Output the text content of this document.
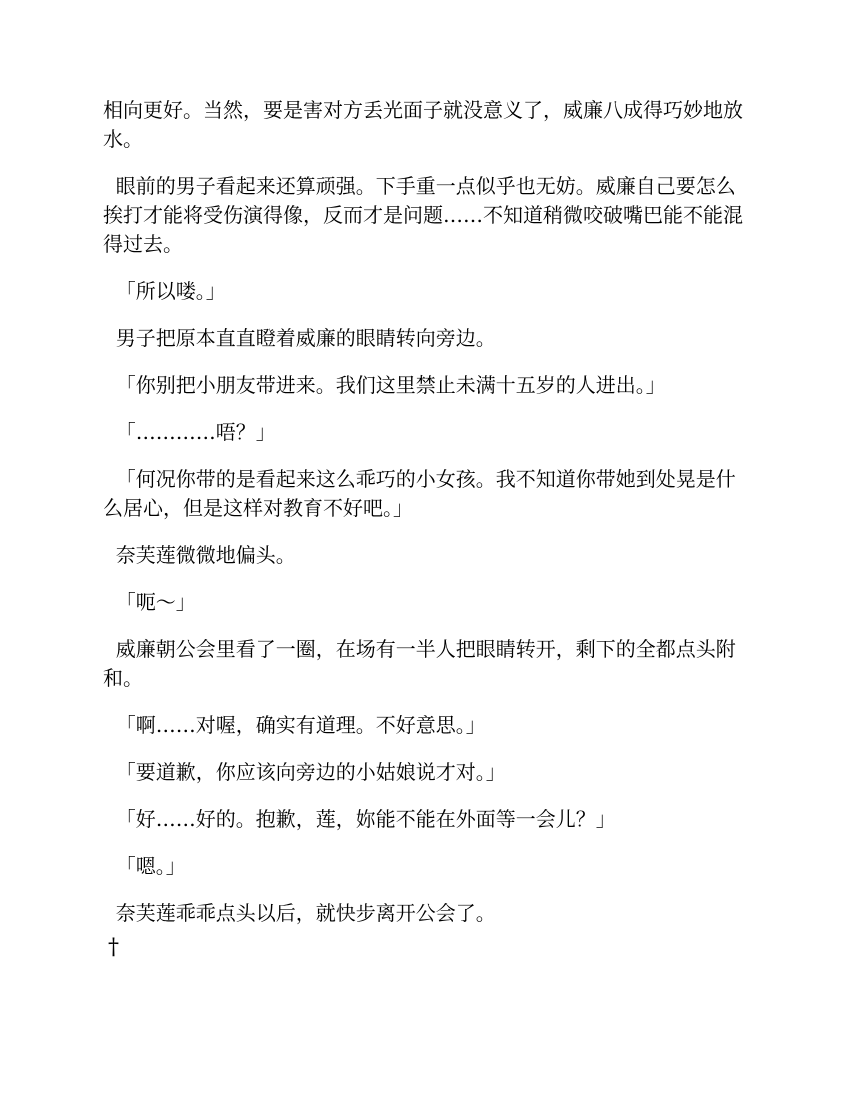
相向更好。当然，要是害对方丢光面子就没意义了，威廉八成得巧妙地放水。

眼前的男子看起来还算顽强。下手重一点似乎也无妨。威廉自己要怎么挨打才能将受伤演得像，反而才是问题……不知道稍微咬破嘴巴能不能混得过去。

「所以喽。」

男子把原本直直瞪着威廉的眼睛转向旁边。

「你别把小朋友带进来。我们这里禁止未满十五岁的人进出。」

「…………唔？」

「何况你带的是看起来这么乖巧的小女孩。我不知道你带她到处晃是什么居心，但是这样对教育不好吧。」

奈芙莲微微地偏头。

「呃～」

威廉朝公会里看了一圈，在场有一半人把眼睛转开，剩下的全都点头附和。

「啊……对喔，确实有道理。不好意思。」

「要道歉，你应该向旁边的小姑娘说才对。」

「好……好的。抱歉，莲，妳能不能在外面等一会儿？」

「嗯。」

奈芙莲乖乖点头以后，就快步离开公会了。

†
